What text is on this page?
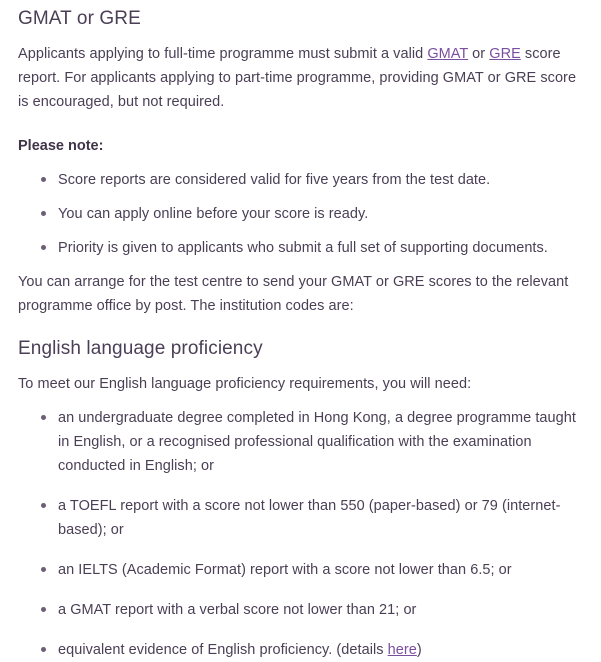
GMAT or GRE

Applicants applying to full-time programme must submit a valid GMAT or GRE score report. For applicants applying to part-time programme, providing GMAT or GRE score is encouraged, but not required.

Please note:

Score reports are considered valid for five years from the test date.
You can apply online before your score is ready.
Priority is given to applicants who submit a full set of supporting documents.

You can arrange for the test centre to send your GMAT or GRE scores to the relevant programme office by post. The institution codes are:

English language proficiency

To meet our English language proficiency requirements, you will need:

an undergraduate degree completed in Hong Kong, a degree programme taught in English, or a recognised professional qualification with the examination conducted in English; or
a TOEFL report with a score not lower than 550 (paper-based) or 79 (internet-based); or
an IELTS (Academic Format) report with a score not lower than 6.5; or
a GMAT report with a verbal score not lower than 21; or
equivalent evidence of English proficiency. (details here)
